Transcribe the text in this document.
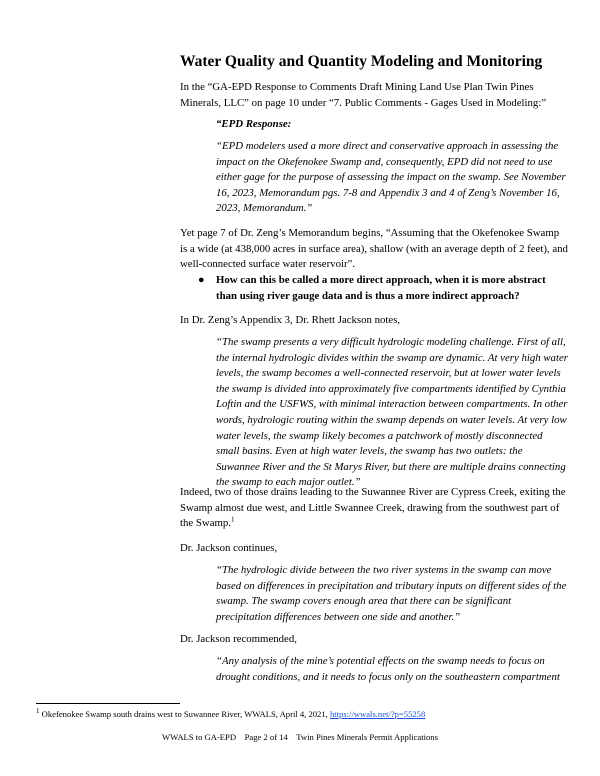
Water Quality and Quantity Modeling and Monitoring
In the “GA-EPD Response to Comments Draft Mining Land Use Plan Twin Pines Minerals, LLC” on page 10 under “7. Public Comments - Gages Used in Modeling:”
“EPD Response:
“EPD modelers used a more direct and conservative approach in assessing the impact on the Okefenokee Swamp and, consequently, EPD did not need to use either gage for the purpose of assessing the impact on the swamp. See November 16, 2023, Memorandum pgs. 7-8 and Appendix 3 and 4 of Zeng’s November 16, 2023, Memorandum.”
Yet page 7 of Dr. Zeng’s Memorandum begins, “Assuming that the Okefenokee Swamp is a wide (at 438,000 acres in surface area), shallow (with an average depth of 2 feet), and well-connected surface water reservoir”.
● How can this be called a more direct approach, when it is more abstract than using river gauge data and is thus a more indirect approach?
In Dr. Zeng’s Appendix 3, Dr. Rhett Jackson notes,
“The swamp presents a very difficult hydrologic modeling challenge. First of all, the internal hydrologic divides within the swamp are dynamic. At very high water levels, the swamp becomes a well-connected reservoir, but at lower water levels the swamp is divided into approximately five compartments identified by Cynthia Loftin and the USFWS, with minimal interaction between compartments. In other words, hydrologic routing within the swamp depends on water levels. At very low water levels, the swamp likely becomes a patchwork of mostly disconnected small basins. Even at high water levels, the swamp has two outlets: the Suwannee River and the St Marys River, but there are multiple drains connecting the swamp to each major outlet.”
Indeed, two of those drains leading to the Suwannee River are Cypress Creek, exiting the Swamp almost due west, and Little Swannee Creek, drawing from the southwest part of the Swamp.$^1$
Dr. Jackson continues,
“The hydrologic divide between the two river systems in the swamp can move based on differences in precipitation and tributary inputs on different sides of the swamp. The swamp covers enough area that there can be significant precipitation differences between one side and another.”
Dr. Jackson recommended,
“Any analysis of the mine’s potential effects on the swamp needs to focus on drought conditions, and it needs to focus only on the southeastern compartment
$^1$ Okefenokee Swamp south drains west to Suwannee River, WWALS, April 4, 2021, https://wwals.net/?p=55258
WWALS to GA-EPD    Page 2 of 14    Twin Pines Minerals Permit Applications
